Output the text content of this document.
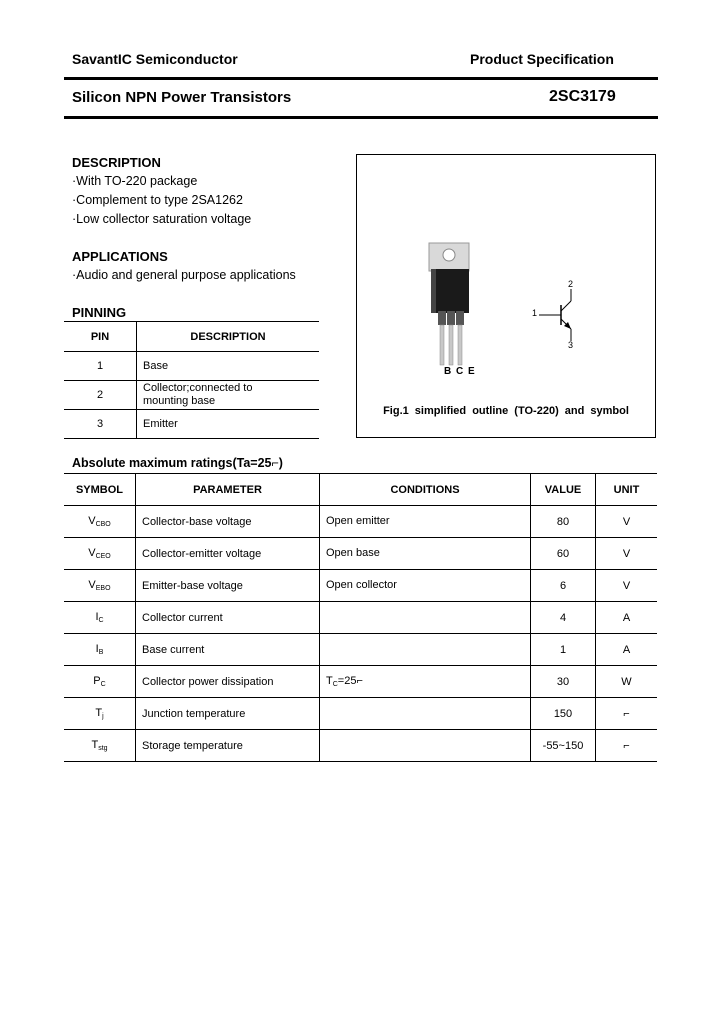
SavantIC Semiconductor	Product Specification
Silicon NPN Power Transistors	2SC3179
DESCRIPTION
·With TO-220 package
·Complement to type 2SA1262
·Low collector saturation voltage
APPLICATIONS
·Audio and general purpose applications
PINNING
PIN	DESCRIPTION
1	Base
2	Collector;connected to mounting base
3	Emitter
B C E
1
2
3
Fig.1 simplified outline (TO-220) and symbol
Absolute maximum ratings(Ta=25⌐)
SYMBOL	PARAMETER	CONDITIONS	VALUE	UNIT
$V_{CBO}$	Collector-base voltage	Open emitter	80	V
$V_{CEO}$	Collector-emitter voltage	Open base	60	V
$V_{EBO}$	Emitter-base voltage	Open collector	6	V
$I_C$	Collector current		4	A
$I_B$	Base current		1	A
$P_C$	Collector power dissipation	$T_C=25⌐$	30	W
$T_j$	Junction temperature		150	⌐
$T_{stg}$	Storage temperature		-55~150	⌐
